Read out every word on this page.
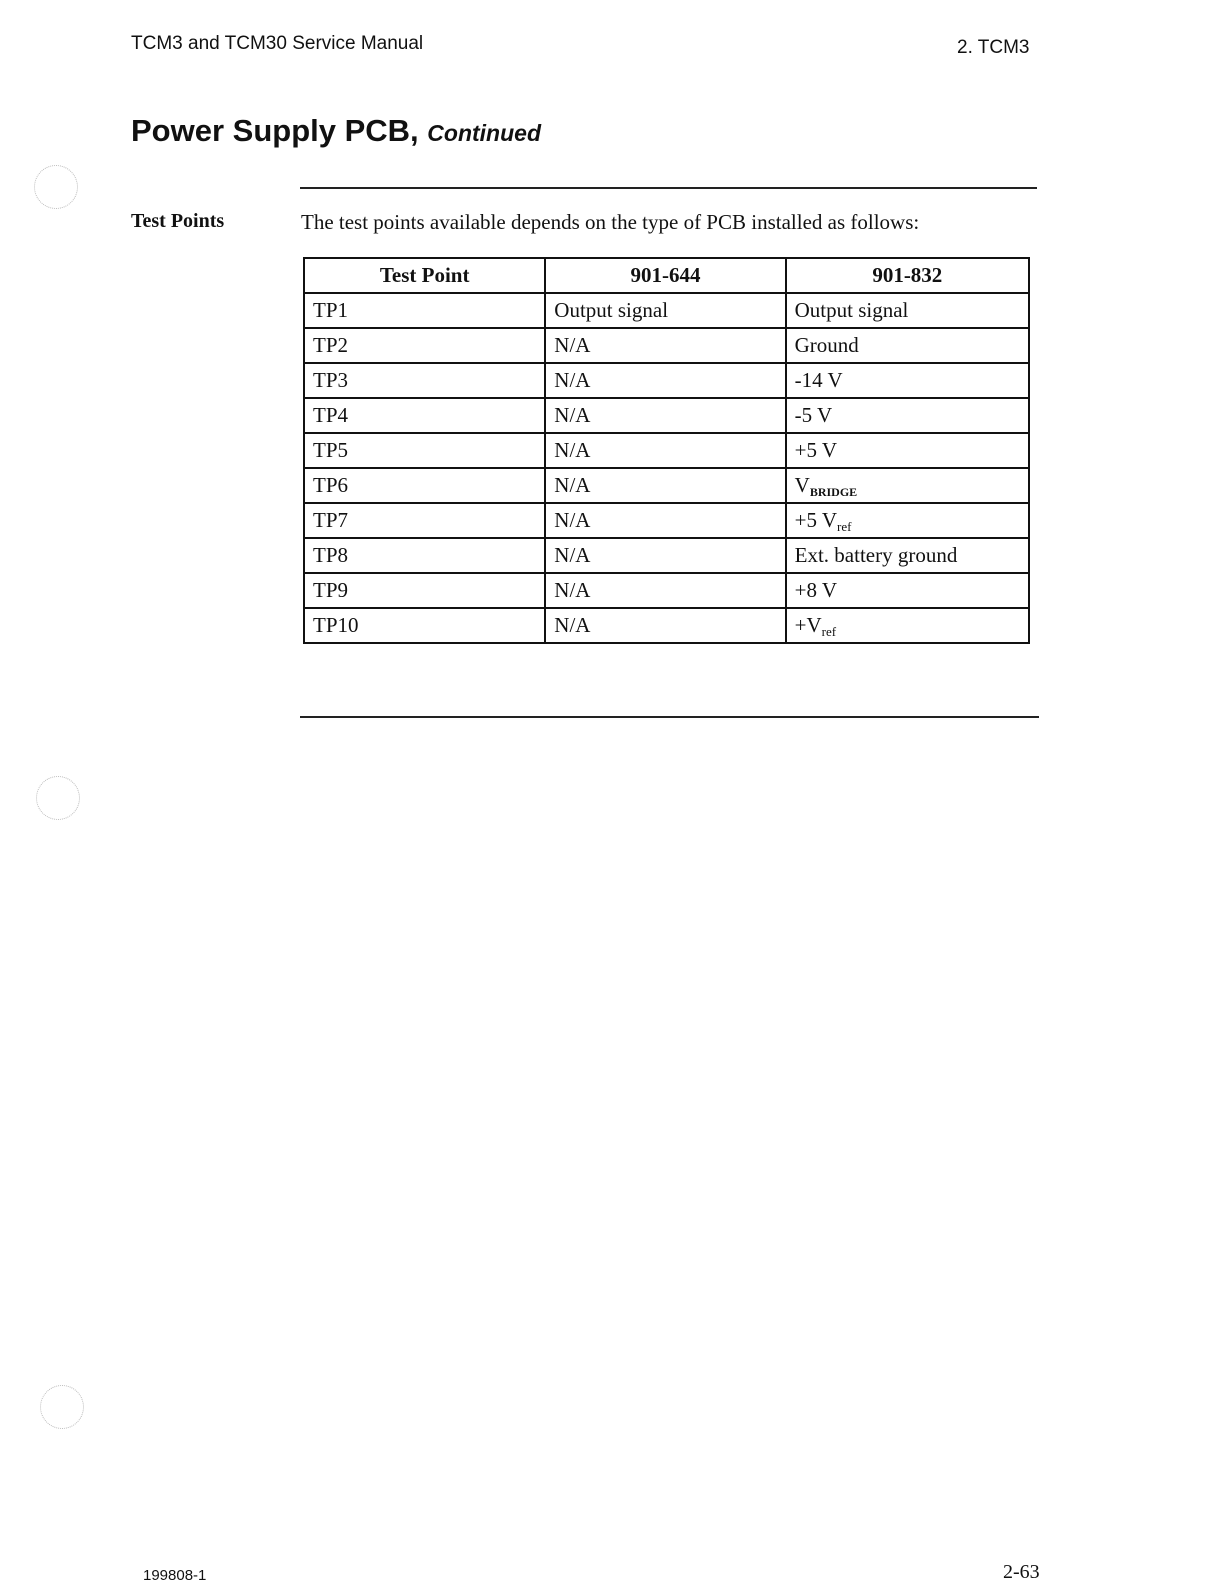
TCM3 and TCM30 Service Manual	2. TCM3
Power Supply PCB, Continued
Test Points	The test points available depends on the type of PCB installed as follows:
Test Point	901-644	901-832
TP1	Output signal	Output signal
TP2	N/A	Ground
TP3	N/A	-14 V
TP4	N/A	-5 V
TP5	N/A	+5 V
TP6	N/A	$V_{BRIDGE}$
TP7	N/A	+5 $V_{ref}$
TP8	N/A	Ext. battery ground
TP9	N/A	+8 V
TP10	N/A	$+V_{ref}$
199808-1	2-63
